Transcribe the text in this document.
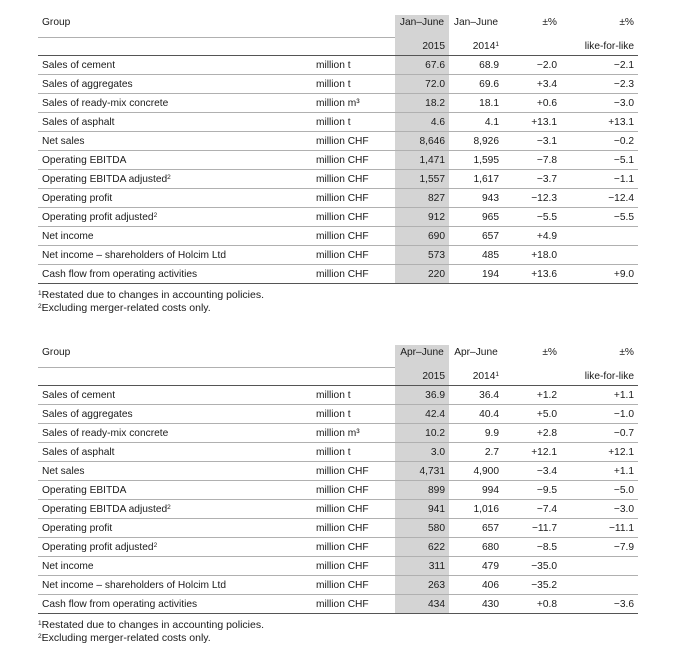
Group		Jan–June	Jan–June	±%	±%
		2015	2014$^1$		like-for-like
Sales of cement	million t	67.6	68.9	−2.0	−2.1
Sales of aggregates	million t	72.0	69.6	+3.4	−2.3
Sales of ready-mix concrete	million m³	18.2	18.1	+0.6	−3.0
Sales of asphalt	million t	4.6	4.1	+13.1	+13.1
Net sales	million CHF	8,646	8,926	−3.1	−0.2
Operating EBITDA	million CHF	1,471	1,595	−7.8	−5.1
Operating EBITDA adjusted$^2$	million CHF	1,557	1,617	−3.7	−1.1
Operating profit	million CHF	827	943	−12.3	−12.4
Operating profit adjusted$^2$	million CHF	912	965	−5.5	−5.5
Net income	million CHF	690	657	+4.9	
Net income – shareholders of Holcim Ltd	million CHF	573	485	+18.0	
Cash flow from operating activities	million CHF	220	194	+13.6	+9.0
$^1$Restated due to changes in accounting policies.
$^2$Excluding merger-related costs only.
Group		Apr–June	Apr–June	±%	±%
		2015	2014$^1$		like-for-like
Sales of cement	million t	36.9	36.4	+1.2	+1.1
Sales of aggregates	million t	42.4	40.4	+5.0	−1.0
Sales of ready-mix concrete	million m³	10.2	9.9	+2.8	−0.7
Sales of asphalt	million t	3.0	2.7	+12.1	+12.1
Net sales	million CHF	4,731	4,900	−3.4	+1.1
Operating EBITDA	million CHF	899	994	−9.5	−5.0
Operating EBITDA adjusted$^2$	million CHF	941	1,016	−7.4	−3.0
Operating profit	million CHF	580	657	−11.7	−11.1
Operating profit adjusted$^2$	million CHF	622	680	−8.5	−7.9
Net income	million CHF	311	479	−35.0	
Net income – shareholders of Holcim Ltd	million CHF	263	406	−35.2	
Cash flow from operating activities	million CHF	434	430	+0.8	−3.6
$^1$Restated due to changes in accounting policies.
$^2$Excluding merger-related costs only.
